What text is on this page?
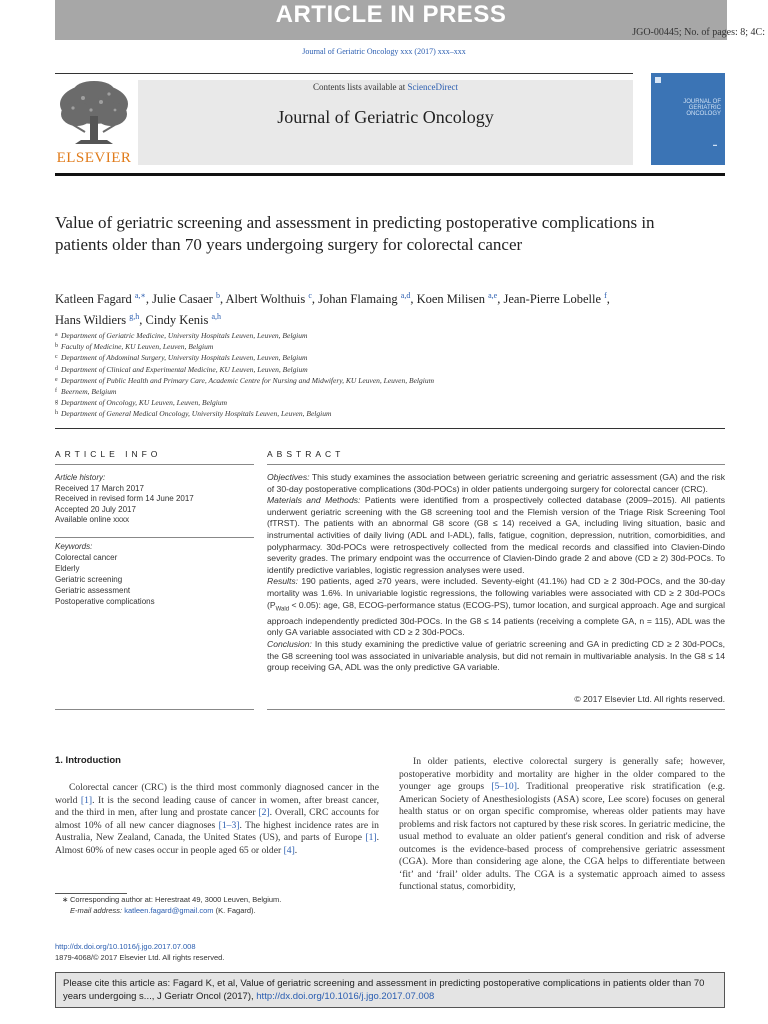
ARTICLE IN PRESS
JGO-00445; No. of pages: 8; 4C:
Journal of Geriatric Oncology xxx (2017) xxx–xxx
ELSEVIER
Contents lists available at ScienceDirect
Journal of Geriatric Oncology
JOURNAL OF
GERIATRIC
ONCOLOGY
▬
Value of geriatric screening and assessment in predicting postoperative complications in patients older than 70 years undergoing surgery for colorectal cancer
Katleen Fagard $^{a,∗}$, Julie Casaer $^b$, Albert Wolthuis $^c$, Johan Flamaing $^{a,d}$, Koen Milisen $^{a,e}$, Jean-Pierre Lobelle $^f$,
Hans Wildiers $^{g,h}$, Cindy Kenis $^{a,h}$
a Department of Geriatric Medicine, University Hospitals Leuven, Leuven, Belgium
b Faculty of Medicine, KU Leuven, Leuven, Belgium
c Department of Abdominal Surgery, University Hospitals Leuven, Leuven, Belgium
d Department of Clinical and Experimental Medicine, KU Leuven, Leuven, Belgium
e Department of Public Health and Primary Care, Academic Centre for Nursing and Midwifery, KU Leuven, Leuven, Belgium
f Beernem, Belgium
g Department of Oncology, KU Leuven, Leuven, Belgium
h Department of General Medical Oncology, University Hospitals Leuven, Leuven, Belgium
ARTICLE INFO	ABSTRACT
Article history:
Received 17 March 2017
Received in revised form 14 June 2017
Accepted 20 July 2017
Available online xxxx
Keywords:
Colorectal cancer
Elderly
Geriatric screening
Geriatric assessment
Postoperative complications
Objectives: This study examines the association between geriatric screening and geriatric assessment (GA) and the risk of 30-day postoperative complications (30d-POCs) in older patients undergoing surgery for colorectal cancer (CRC).
Materials and Methods: Patients were identified from a prospectively collected database (2009–2015). All patients underwent geriatric screening with the G8 screening tool and the Flemish version of the Triage Risk Screening Tool (fTRST). The patients with an abnormal G8 score (G8 ≤ 14) received a GA, including living situation, basic and instrumental activities of daily living (ADL and I-ADL), falls, fatigue, cognition, depression, nutrition, comorbidities, and polypharmacy. 30d-POCs were retrospectively collected from the medical records and classified into Clavien-Dindo severity grades. The primary endpoint was the occurrence of Clavien-Dindo grade 2 and above (CD ≥ 2) 30d-POCs. To identify predictive variables, logistic regression analyses were used.
Results: 190 patients, aged ≥70 years, were included. Seventy-eight (41.1%) had CD ≥ 2 30d-POCs, and the 30-day mortality was 1.6%. In univariable logistic regressions, the following variables were associated with CD ≥ 2 30d-POCs $(P_{Wald} < 0.05)$: age, G8, ECOG-performance status (ECOG-PS), tumor location, and surgical approach. Age and surgical approach independently predicted 30d-POCs. In the G8 ≤ 14 patients (receiving a complete GA, n = 115), ADL was the only GA variable associated with CD ≥ 2 30d-POCs.
Conclusion: In this study examining the predictive value of geriatric screening and GA in predicting CD ≥ 2 30d-POCs, the G8 screening tool was associated in univariable analysis, but did not remain in multivariable analysis. In the G8 ≤ 14 group receiving GA, ADL was the only predictive GA variable.
© 2017 Elsevier Ltd. All rights reserved.
1. Introduction
Colorectal cancer (CRC) is the third most commonly diagnosed cancer in the world [1]. It is the second leading cause of cancer in women, after breast cancer, and the third in men, after lung and prostate cancer [2]. Overall, CRC accounts for almost 10% of all new cancer diagnoses [1–3]. The highest incidence rates are in Australia, New Zealand, Canada, the United States (US), and parts of Europe [1]. Almost 60% of new cases occur in people aged 65 or older [4].
In older patients, elective colorectal surgery is generally safe; however, postoperative morbidity and mortality are higher in the older compared to the younger age groups [5–10]. Traditional preoperative risk stratification (e.g. American Society of Anesthesiologists (ASA) score, Lee score) focuses on general health status or on organ specific compromise, whereas older patients may have problems and risk factors not captured by these risk scores. In geriatric medicine, the usual method to evaluate an older patient's general condition and risk of adverse outcomes is the evidence-based process of comprehensive geriatric assessment (CGA). More than considering age alone, the CGA helps to differentiate between ‘fit’ and ‘frail’ older adults. The CGA is a systematic approach aimed to assess functional status, comorbidity,
∗ Corresponding author at: Herestraat 49, 3000 Leuven, Belgium.
E-mail address: katleen.fagard@gmail.com (K. Fagard).
http://dx.doi.org/10.1016/j.jgo.2017.07.008
1879-4068/© 2017 Elsevier Ltd. All rights reserved.
Please cite this article as: Fagard K, et al, Value of geriatric screening and assessment in predicting postoperative complications in patients older than 70 years undergoing s..., J Geriatr Oncol (2017), http://dx.doi.org/10.1016/j.jgo.2017.07.008
